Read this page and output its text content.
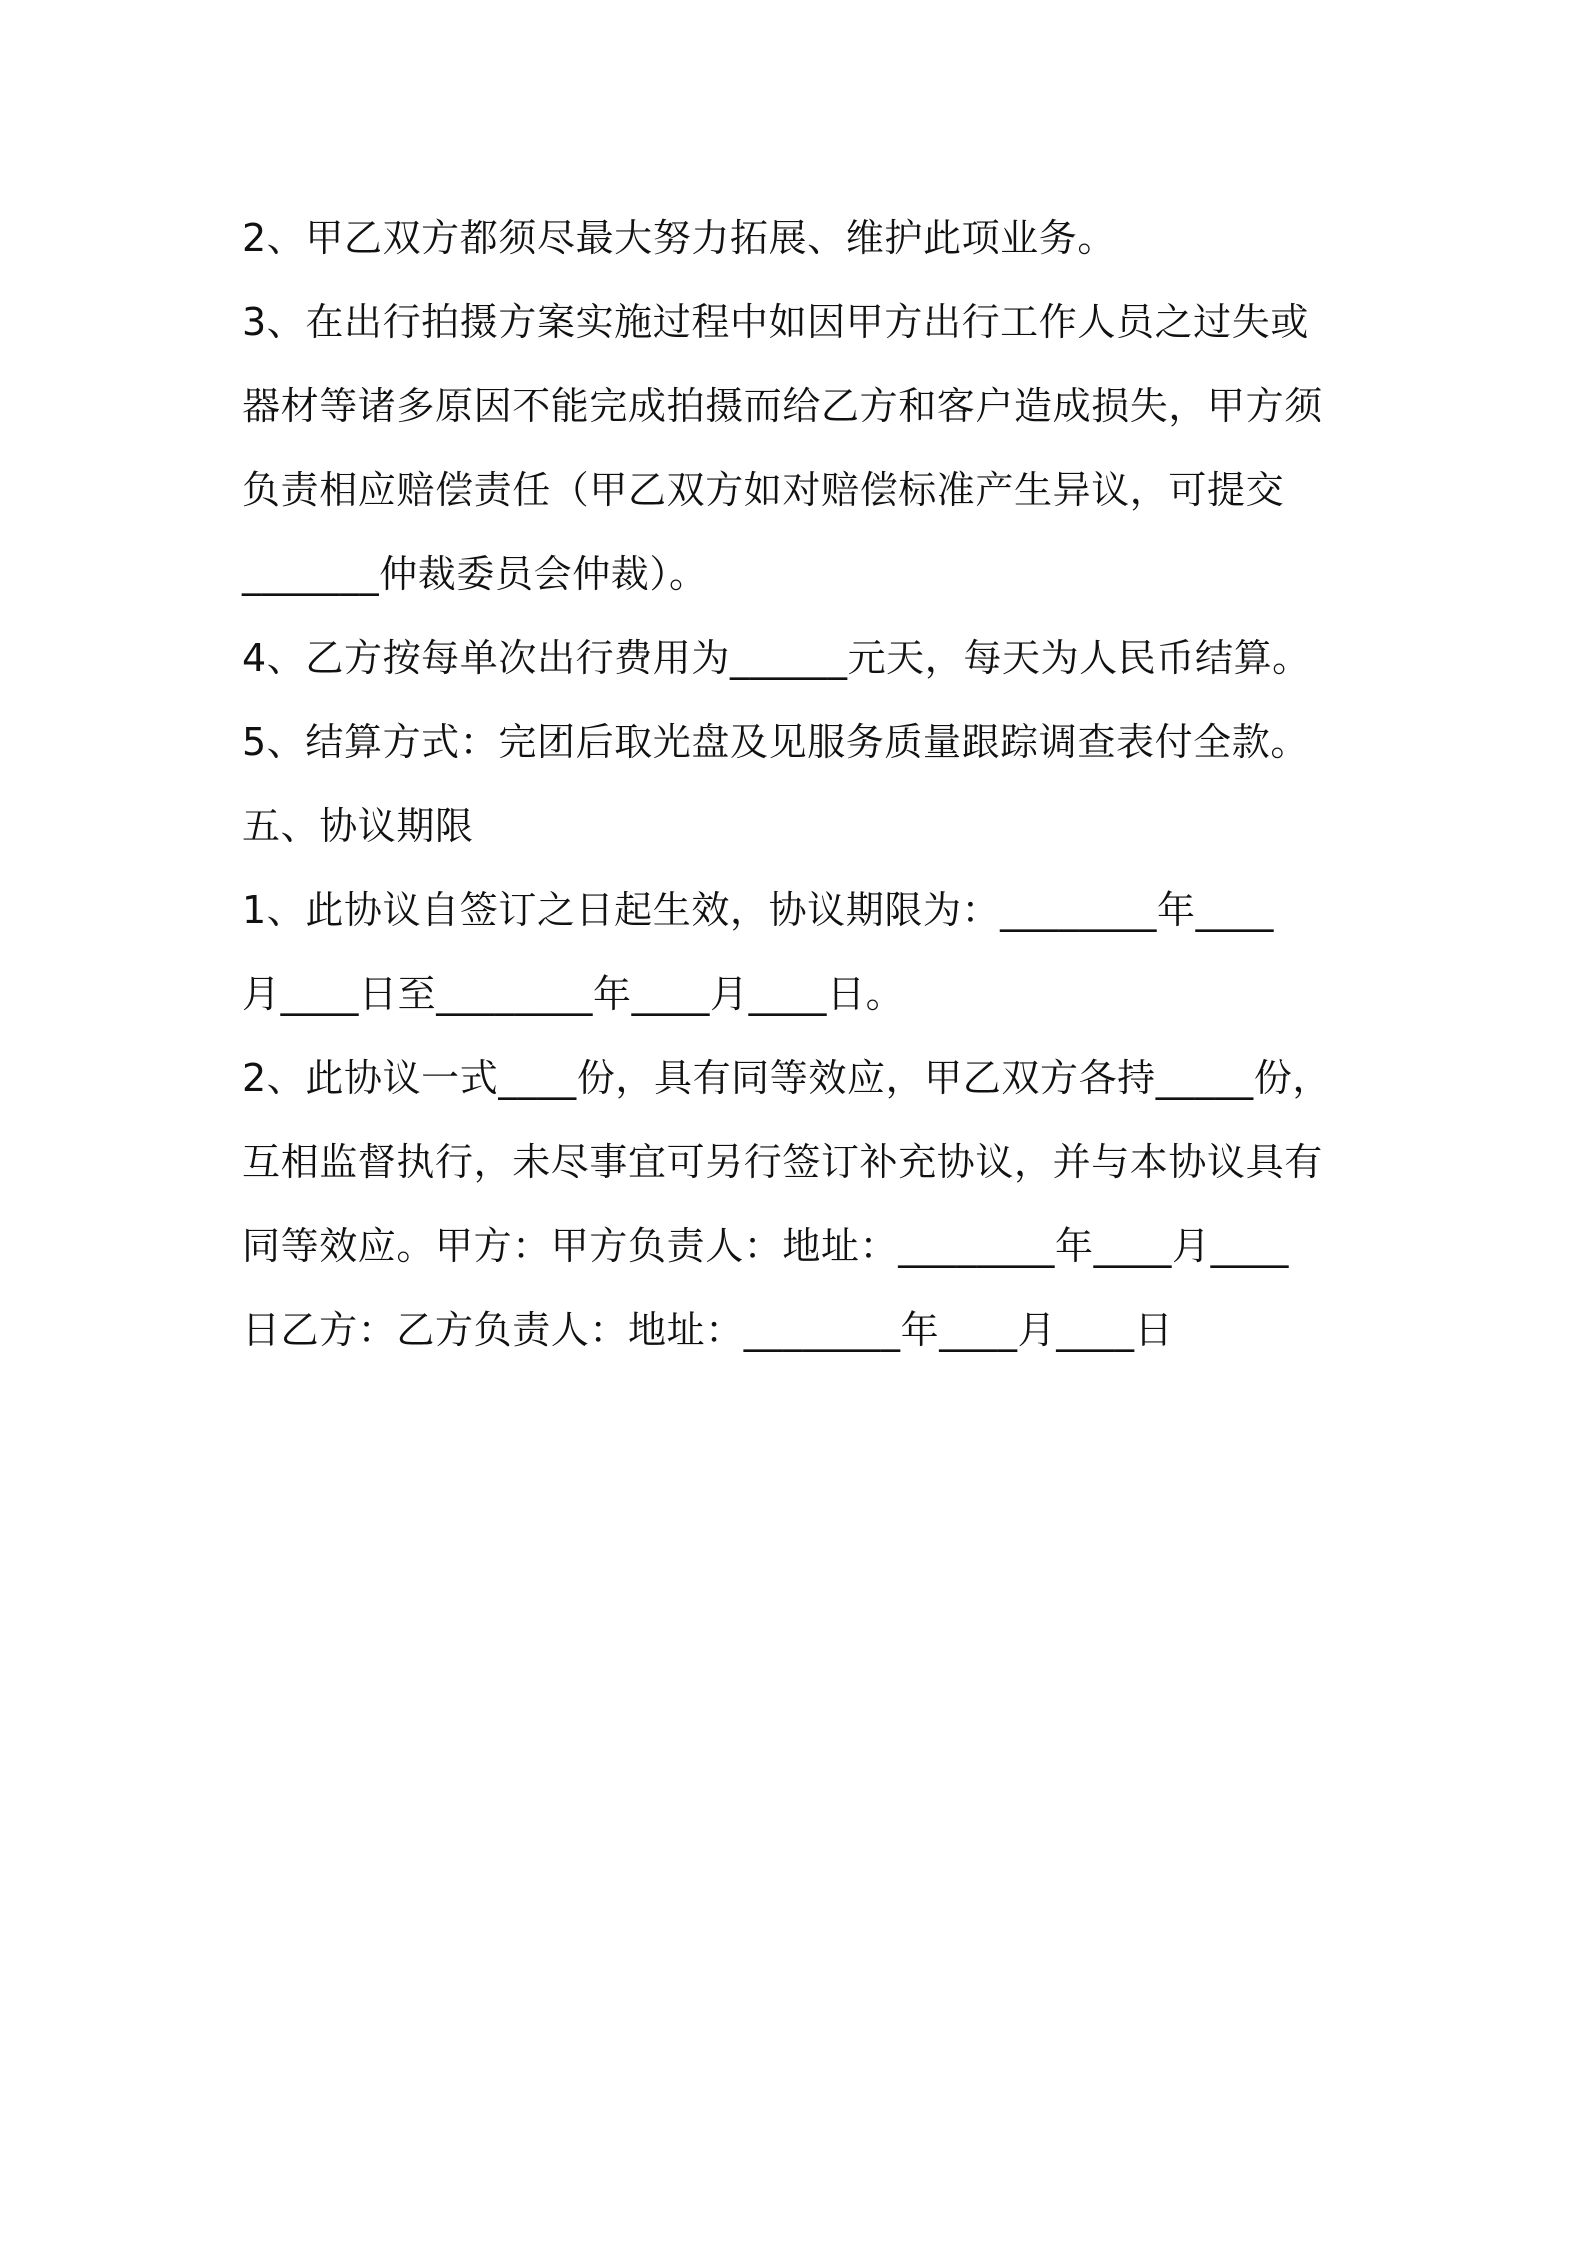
2、甲乙双方都须尽最大努力拓展、维护此项业务。
3、在出行拍摄方案实施过程中如因甲方出行工作人员之过失或
器材等诸多原因不能完成拍摄而给乙方和客户造成损失，甲方须
负责相应赔偿责任（甲乙双方如对赔偿标准产生异议，可提交
_______仲裁委员会仲裁）。
4、乙方按每单次出行费用为______元天，每天为人民币结算。
5、结算方式：完团后取光盘及见服务质量跟踪调查表付全款。
五、协议期限
1、此协议自签订之日起生效，协议期限为：________年____
月____日至________年____月____日。
2、此协议一式____份，具有同等效应，甲乙双方各持_____份，
互相监督执行，未尽事宜可另行签订补充协议，并与本协议具有
同等效应。甲方：甲方负责人：地址：________年____月____
日乙方：乙方负责人：地址：________年____月____日
